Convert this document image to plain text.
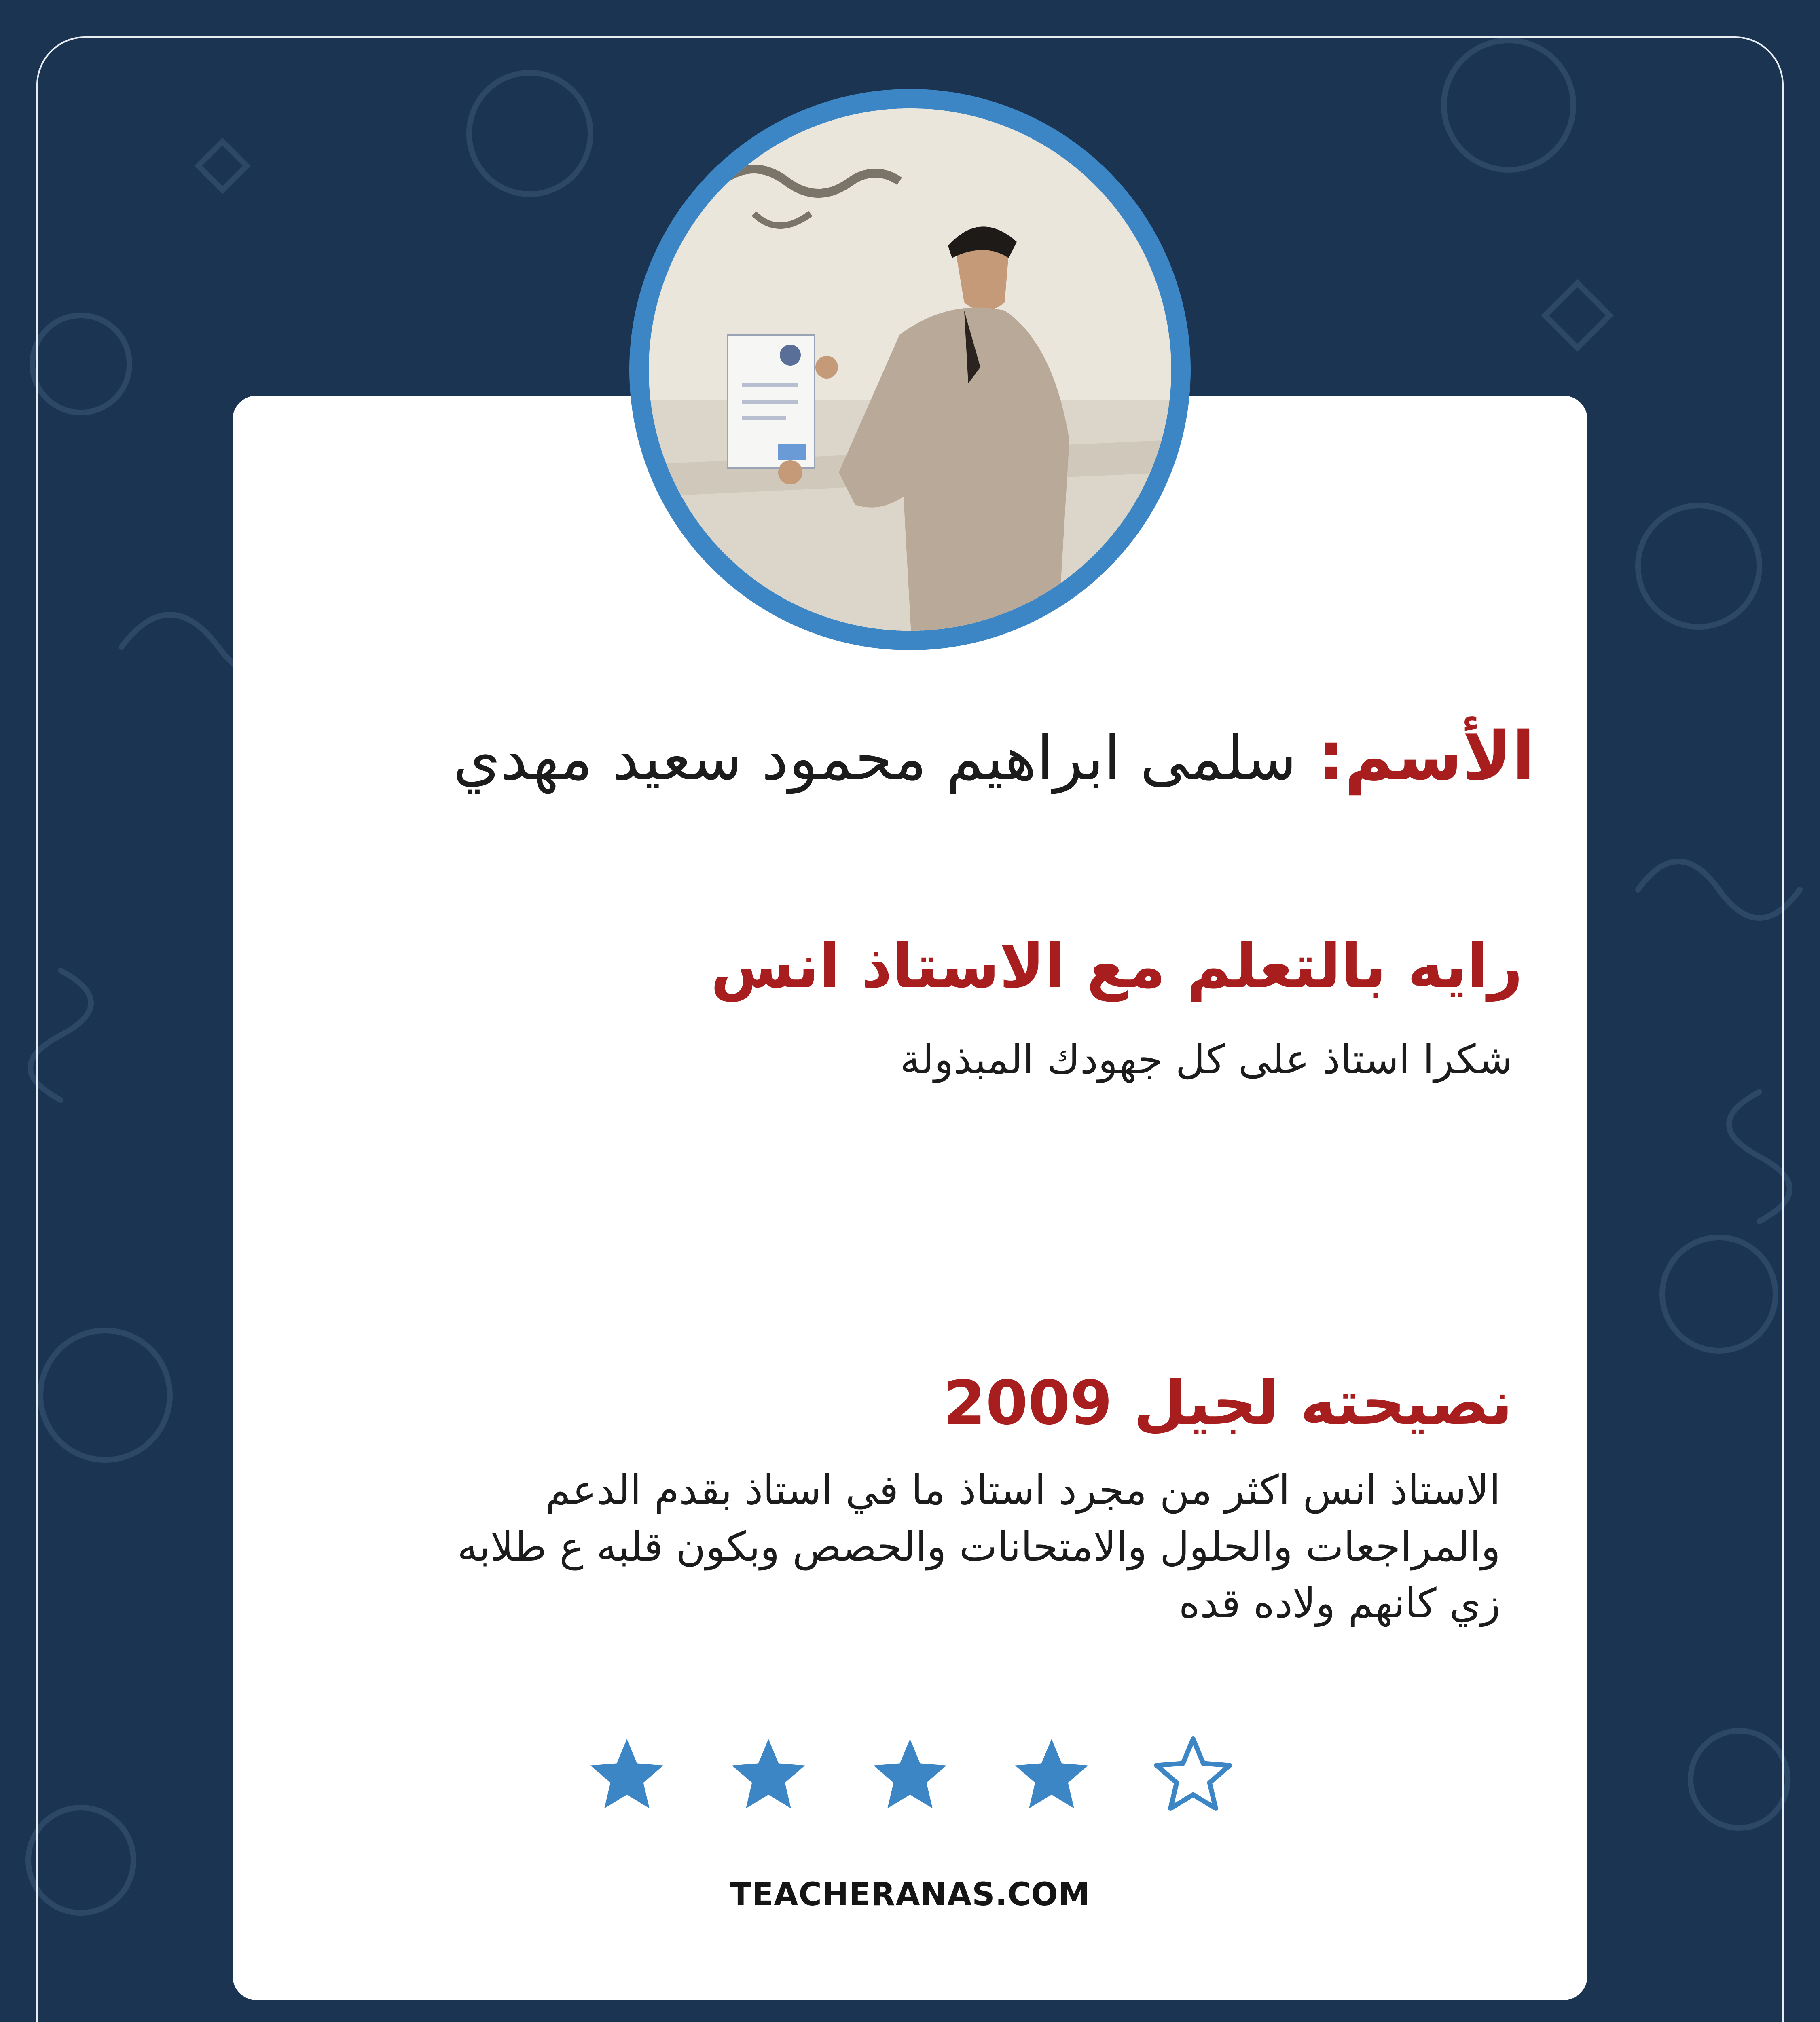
الأسم: سلمى ابراهيم محمود سعيد مهدي
رايه بالتعلم مع الاستاذ انس
شكرا استاذ على كل جهودك المبذولة
نصيحته لجيل 2009
الاستاذ انس اكثر من مجرد استاذ ما في استاذ بقدم الدعم والمراجعات والحلول والامتحانات والحصص وبكون قلبه ع طلابه زي كانهم ولاده قده
TEACHERANAS.COM
